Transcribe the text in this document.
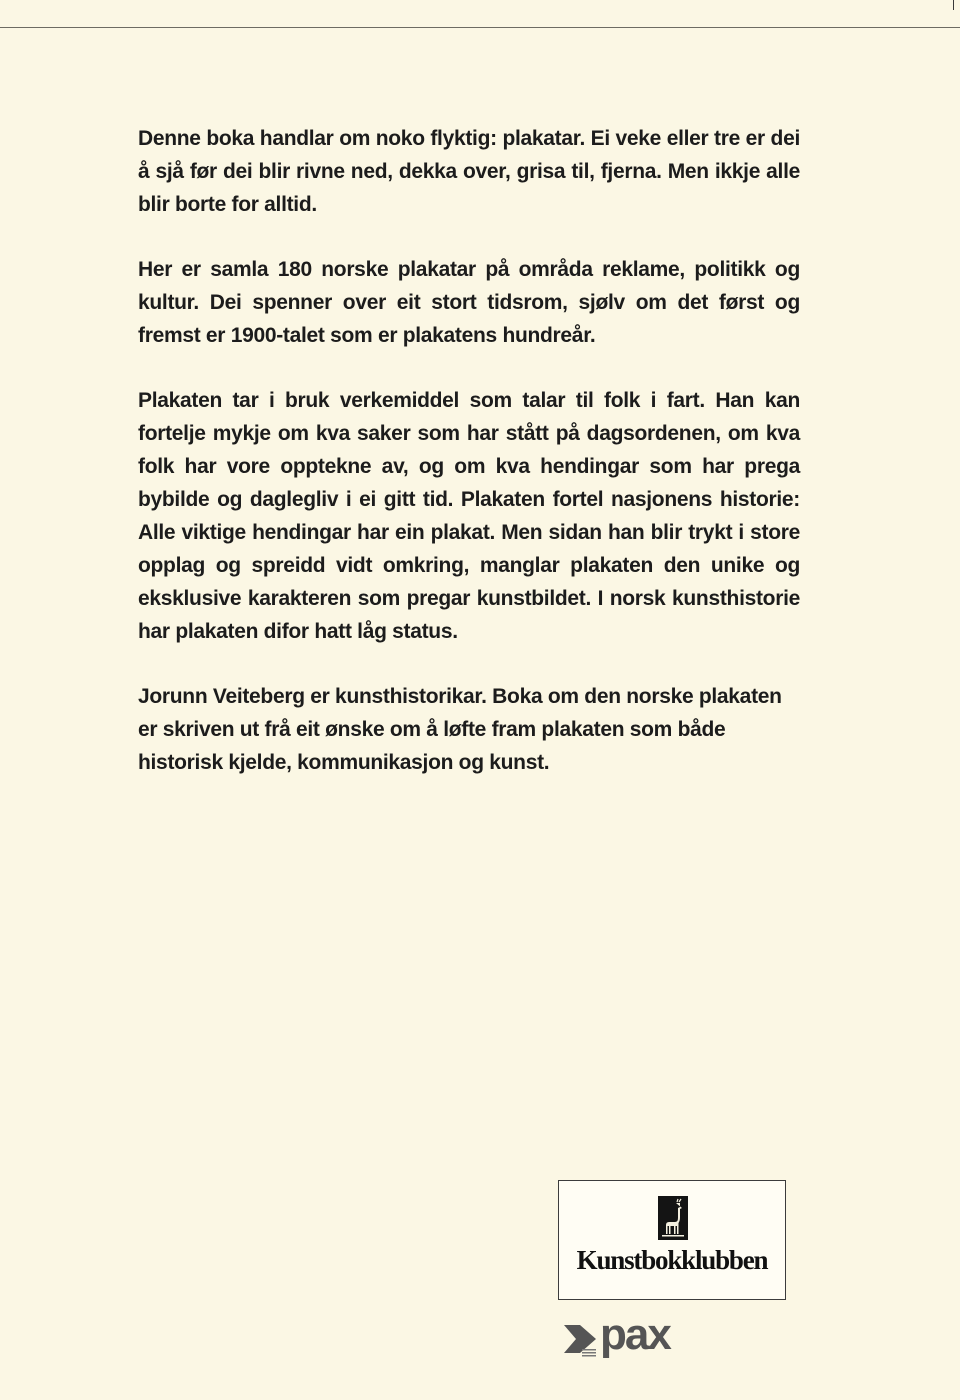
Denne boka handlar om noko flyktig: plakatar. Ei veke eller tre er dei å sjå før dei blir rivne ned, dekka over, grisa til, fjerna. Men ikkje alle blir borte for alltid.

Her er samla 180 norske plakatar på områda reklame, politikk og kultur. Dei spenner over eit stort tidsrom, sjølv om det først og fremst er 1900-talet som er plakatens hundreår.

Plakaten tar i bruk verkemiddel som talar til folk i fart. Han kan fortelje mykje om kva saker som har stått på dagsordenen, om kva folk har vore opptekne av, og om kva hendingar som har prega bybilde og daglegliv i ei gitt tid. Plakaten fortel nasjonens historie: Alle viktige hendingar har ein plakat. Men sidan han blir trykt i store opplag og spreidd vidt omkring, manglar plakaten den unike og eksklusive karakteren som pregar kunstbildet. I norsk kunsthistorie har plakaten difor hatt låg status.

Jorunn Veiteberg er kunsthistorikar. Boka om den norske plakaten er skriven ut frå eit ønske om å løfte fram plakaten som både historisk kjelde, kommunikasjon og kunst.

Kunstbokklubben
pax
